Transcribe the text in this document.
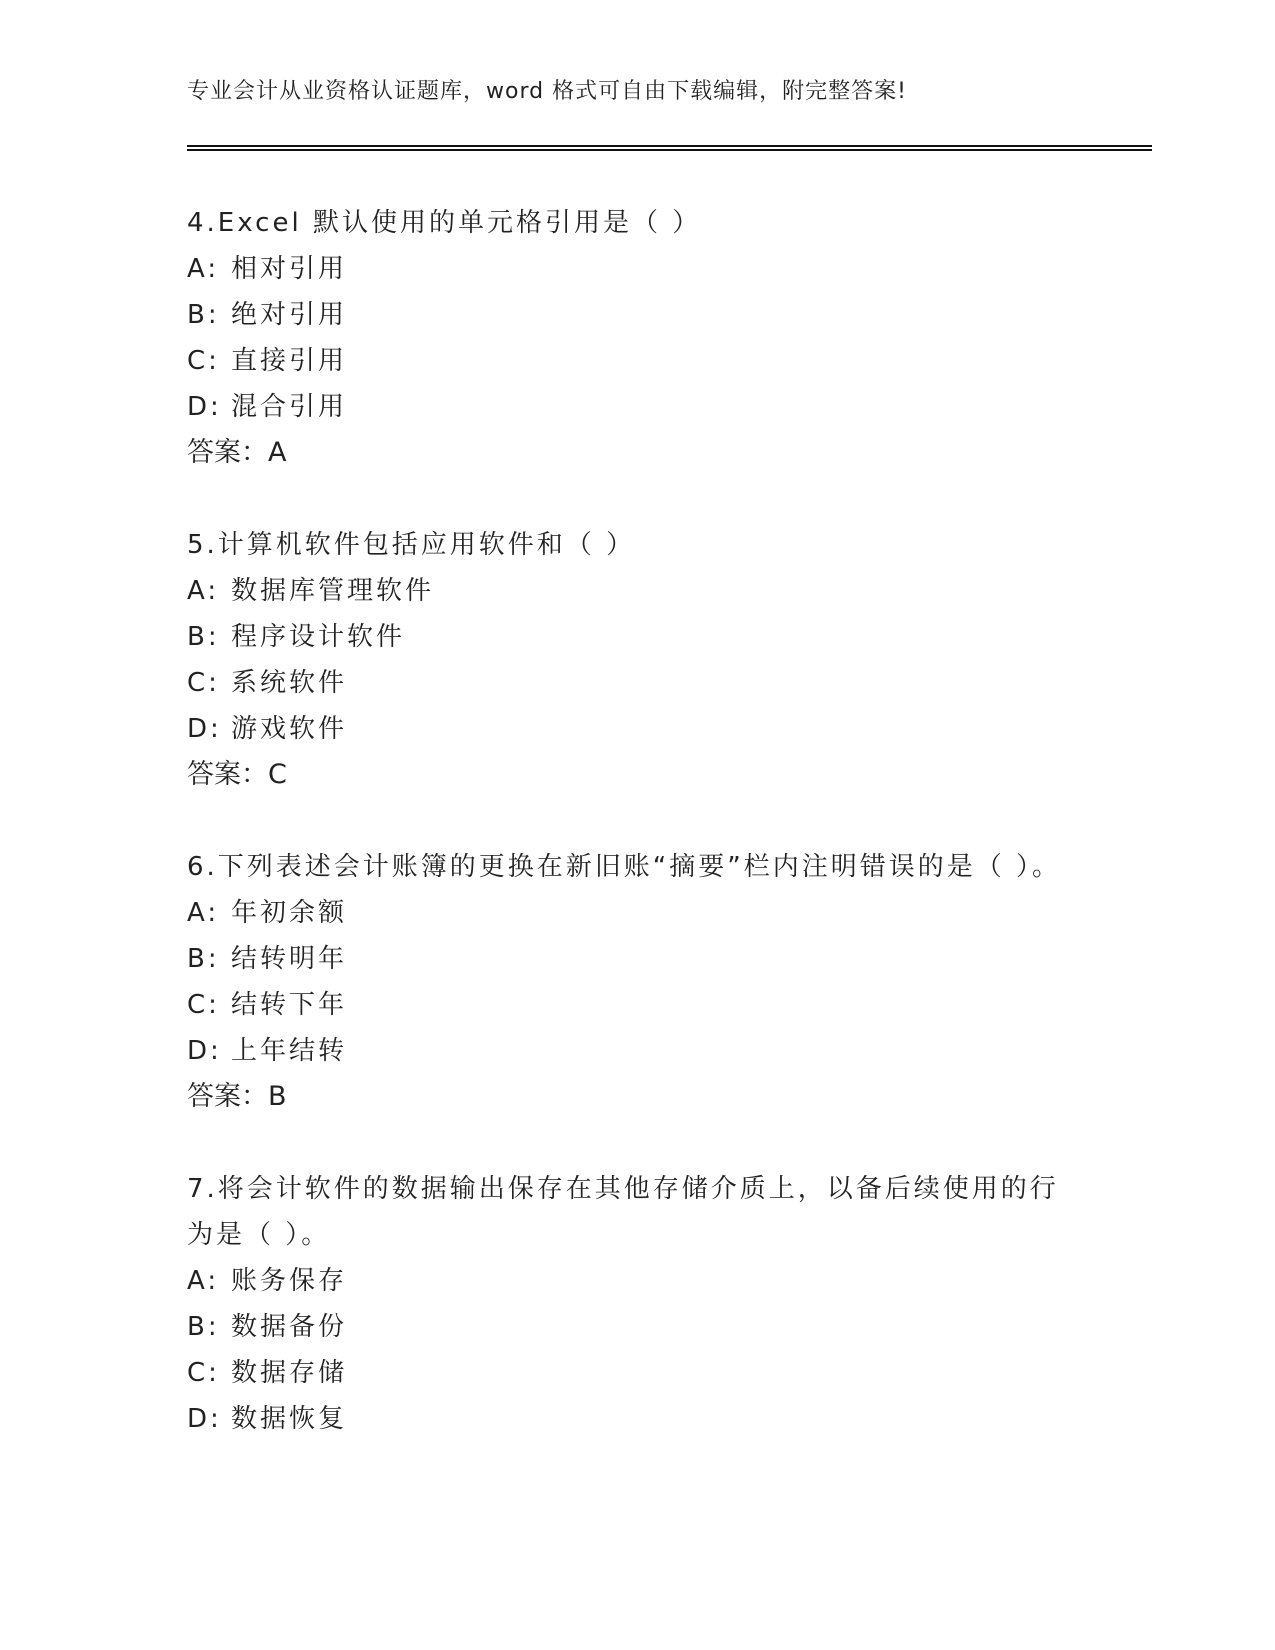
专业会计从业资格认证题库，word 格式可自由下载编辑，附完整答案!

4.Excel 默认使用的单元格引用是（ ）

A: 相对引用

B: 绝对引用

C: 直接引用

D: 混合引用

答案：A

5.计算机软件包括应用软件和（ ）

A: 数据库管理软件

B: 程序设计软件

C: 系统软件

D: 游戏软件

答案：C

6.下列表述会计账簿的更换在新旧账“摘要”栏内注明错误的是（ ）。

A: 年初余额

B: 结转明年

C: 结转下年

D: 上年结转

答案：B

7.将会计软件的数据输出保存在其他存储介质上，以备后续使用的行为是（ ）。

A: 账务保存

B: 数据备份

C: 数据存储

D: 数据恢复
